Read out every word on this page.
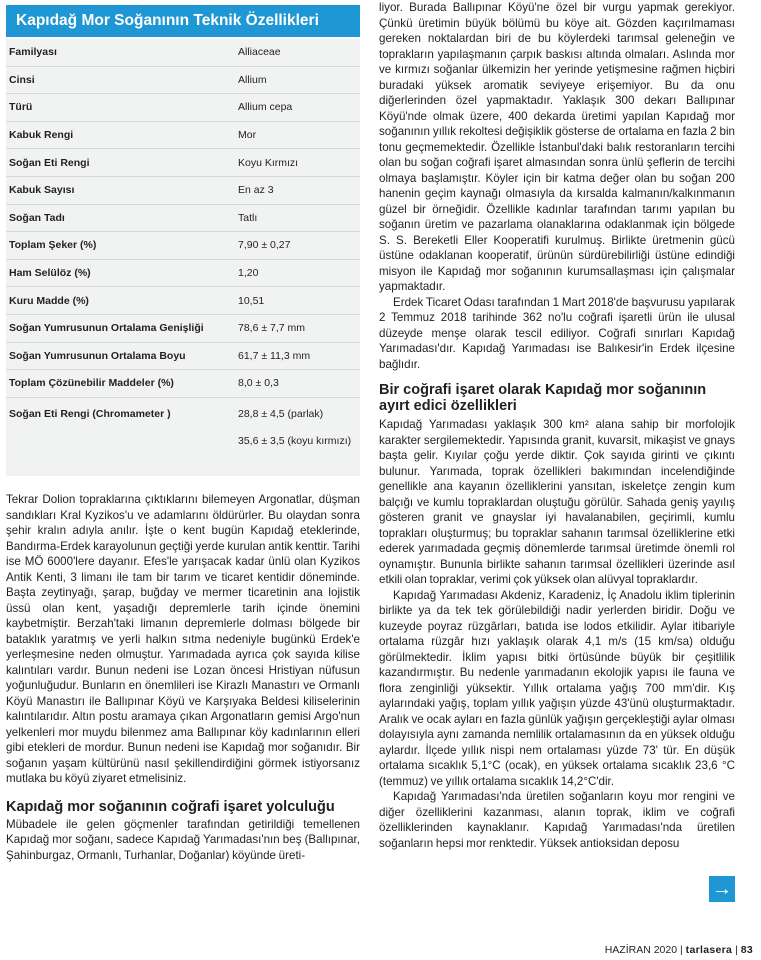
Kapıdağ Mor Soğanının Teknik Özellikleri
Familyası	Alliaceae
Cinsi	Allium
Türü	Allium cepa
Kabuk Rengi	Mor
Soğan Eti Rengi	Koyu Kırmızı
Kabuk Sayısı	En az 3
Soğan Tadı	Tatlı
Toplam Şeker (%)	7,90 ± 0,27
Ham Selülöz (%)	1,20
Kuru Madde (%)	10,51
Soğan Yumrusunun Ortalama Genişliği	78,6 ± 7,7 mm
Soğan Yumrusunun Ortalama Boyu	61,7 ± 11,3 mm
Toplam Çözünebilir Maddeler (%)	8,0 ± 0,3
Soğan Eti Rengi (Chromameter )	28,8 ± 4,5 (parlak)
35,6 ± 3,5 (koyu kırmızı)

Tekrar Dolion topraklarına çıktıklarını bilemeyen Argonatlar, düşman sandıkları Kral Kyzikos'u ve adamlarını öldürürler. Bu olaydan sonra şehir kralın adıyla anılır. İşte o kent bugün Kapıdağ eteklerinde, Bandırma-Erdek karayolunun geçtiği yerde kurulan antik kenttir. Tarihi ise MÖ 6000'lere dayanır. Efes'le yarışacak kadar ünlü olan Kyzikos Antik Kenti, 3 limanı ile tam bir tarım ve ticaret kentidir döneminde. Başta zeytinyağı, şarap, buğday ve mermer ticaretinin ana lojistik üssü olan kent, yaşadığı depremlerle tarih içinde önemini kaybetmiştir. Berzah'taki limanın depremlerle dolması bölgede bir bataklık yaratmış ve yerli halkın sıtma nedeniyle bugünkü Erdek'e yerleşmesine neden olmuştur. Yarımadada ayrıca çok sayıda kilise kalıntıları vardır. Bunun nedeni ise Lozan öncesi Hristiyan nüfusun yoğunluğudur. Bunların en önemlileri ise Kirazlı Manastırı ve Ormanlı Köyü Manastırı ile Ballıpınar Köyü ve Karşıyaka Beldesi kiliselerinin kalıntılarıdır. Altın postu aramaya çıkan Argonatların gemisi Argo'nun yelkenleri mor muydu bilenmez ama Ballıpınar köy kadınlarının elleri gibi etekleri de mordur. Bunun nedeni ise Kapıdağ mor soğanıdır. Bir soğanın yaşam kültürünü nasıl şekillendirdiğini görmek istiyorsanız mutlaka bu köyü ziyaret etmelisiniz.

Kapıdağ mor soğanının coğrafi işaret yolculuğu

Mübadele ile gelen göçmenler tarafından getirildiği temellenen Kapıdağ mor soğanı, sadece Kapıdağ Yarımadası'nın beş (Ballıpınar, Şahinburgaz, Ormanlı, Turhanlar, Doğanlar) köyünde üreti-

liyor. Burada Ballıpınar Köyü'ne özel bir vurgu yapmak gerekiyor. Çünkü üretimin büyük bölümü bu köye ait. Gözden kaçırılmaması gereken noktalardan biri de bu köylerdeki tarımsal geleneğin ve toprakların yapılaşmanın çarpık baskısı altında olmaları. Aslında mor ve kırmızı soğanlar ülkemizin her yerinde yetişmesine rağmen hiçbiri buradaki yüksek aromatik seviyeye erişemiyor. Bu da onu diğerlerinden özel yapmaktadır. Yaklaşık 300 dekarı Ballıpınar Köyü'nde olmak üzere, 400 dekarda üretimi yapılan Kapıdağ mor soğanının yıllık rekoltesi değişiklik gösterse de ortalama en fazla 2 bin tonu geçmemektedir. Özellikle İstanbul'daki balık restoranların tercihi olan bu soğan coğrafi işaret almasından sonra ünlü şeflerin de tercihi olmaya başlamıştır. Köyler için bir katma değer olan bu soğan 200 hanenin geçim kaynağı olmasıyla da kırsalda kalmanın/kalkınmanın güzel bir örneğidir. Özellikle kadınlar tarafından tarımı yapılan bu soğanın üretim ve pazarlama olanaklarına odaklanmak için bölgede S. S. Bereketli Eller Kooperatifi kurulmuş. Birlikte üretmenin gücü üstüne odaklanan kooperatif, ürünün sürdürebilirliği üstüne edindiği misyon ile Kapıdağ mor soğanının kurumsallaşması için çalışmalar yapmaktadır.

Erdek Ticaret Odası tarafından 1 Mart 2018'de başvurusu yapılarak 2 Temmuz 2018 tarihinde 362 no'lu coğrafi işaretli ürün ile ulusal düzeyde menşe olarak tescil ediliyor. Coğrafi sınırları Kapıdağ Yarımadası'dır. Kapıdağ Yarımadası ise Balıkesir'in Erdek ilçesine bağlıdır.

Bir coğrafi işaret olarak Kapıdağ mor soğanının ayırt edici özellikleri

Kapıdağ Yarımadası yaklaşık 300 km² alana sahip bir morfolojik karakter sergilemektedir. Yapısında granit, kuvarsit, mikaşist ve gnays başta gelir. Kıyılar çoğu yerde diktir. Çok sayıda girinti ve çıkıntı bulunur. Yarımada, toprak özellikleri bakımından incelendiğinde genellikle ana kayanın özelliklerini yansıtan, iskeletçe zengin kum balçığı ve kumlu topraklardan oluştuğu görülür. Sahada geniş yayılış gösteren granit ve gnayslar iyi havalanabilen, geçirimli, kumlu toprakları oluşturmuş; bu topraklar sahanın tarımsal özelliklerine etki ederek yarımadada geçmiş dönemlerde tarımsal üretimde önemli rol oynamıştır. Bununla birlikte sahanın tarımsal özellikleri üzerinde asıl etkili olan topraklar, verimi çok yüksek olan alüvyal topraklardır.

Kapıdağ Yarımadası Akdeniz, Karadeniz, İç Anadolu iklim tiplerinin birlikte ya da tek tek görülebildiği nadir yerlerden biridir. Doğu ve kuzeyde poyraz rüzgârları, batıda ise lodos etkilidir. Aylar itibariyle ortalama rüzgâr hızı yaklaşık olarak 4,1 m/s (15 km/sa) olduğu görülmektedir. İklim yapısı bitki örtüsünde büyük bir çeşitlilik kazandırmıştır. Bu nedenle yarımadanın ekolojik yapısı ile fauna ve flora zenginliği yüksektir. Yıllık ortalama yağış 700 mm'dir. Kış aylarındaki yağış, toplam yıllık yağışın yüzde 43'ünü oluşturmaktadır. Aralık ve ocak ayları en fazla günlük yağışın gerçekleştiği aylar olması dolayısıyla aynı zamanda nemlilik ortalamasının da en yüksek olduğu aylardır. İlçede yıllık nispi nem ortalaması yüzde 73' tür. En düşük ortalama sıcaklık 5,1°C (ocak), en yüksek ortalama sıcaklık 23,6 °C (temmuz) ve yıllık ortalama sıcaklık 14,2°C'dir.

Kapıdağ Yarımadası'nda üretilen soğanların koyu mor rengini ve diğer özelliklerini kazanması, alanın toprak, iklim ve coğrafi özelliklerinden kaynaklanır. Kapıdağ Yarımadası'nda üretilen soğanların hepsi mor renktedir. Yüksek antioksidan deposu

→
HAZİRAN 2020 | tarlasera | 83
